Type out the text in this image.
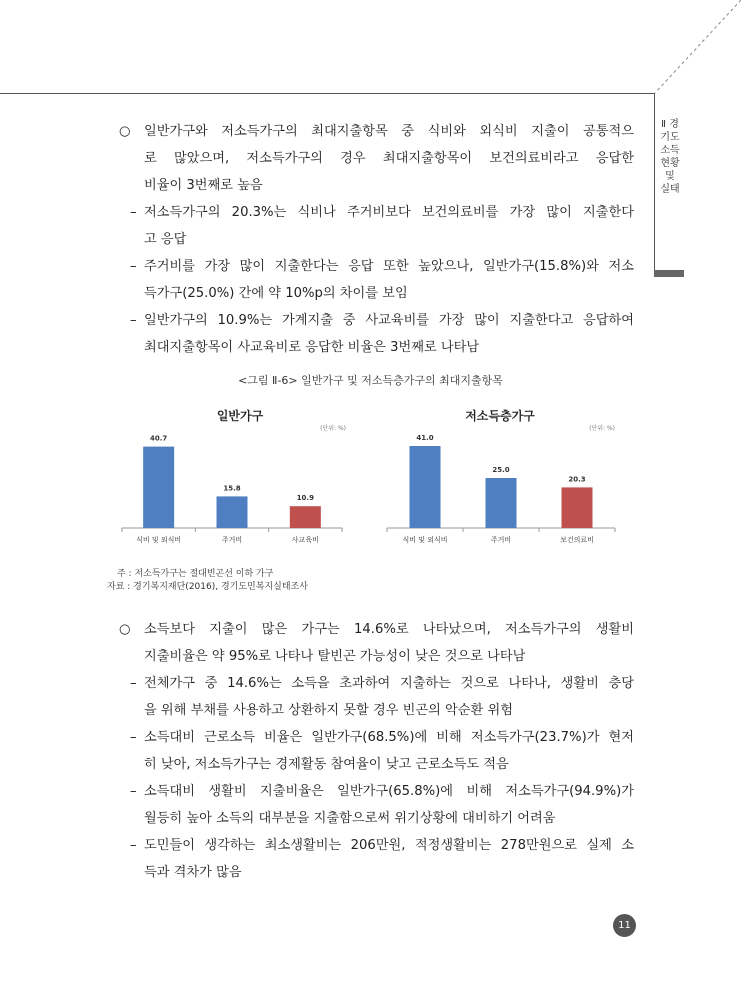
Ⅱ 경기도 소득 현황 및 실태
○	일반가구와 저소득가구의 최대지출항목 중 식비와 외식비 지출이 공통적으
로 많았으며, 저소득가구의 경우 최대지출항목이 보건의료비라고 응답한
비율이 3번째로 높음
– 저소득가구의 20.3%는 식비나 주거비보다 보건의료비를 가장 많이 지출한다
고 응답
– 주거비를 가장 많이 지출한다는 응답 또한 높았으나, 일반가구(15.8%)와 저소
득가구(25.0%) 간에 약 10%p의 차이를 보임
– 일반가구의 10.9%는 가계지출 중 사교육비를 가장 많이 지출한다고 응답하여
최대지출항목이 사교육비로 응답한 비율은 3번째로 나타남
<그림 Ⅱ-6> 일반가구 및 저소득층가구의 최대지출항목
일반가구
(단위: %)
40.7
식비 및 외식비
15.8
주거비
10.9
사교육비
저소득층가구
(단위: %)
41.0
식비 및 외식비
25.0
주거비
20.3
보건의료비
주 : 저소득가구는 절대빈곤선 이하 가구
자료 : 경기복지재단(2016), 경기도민복지실태조사
○	소득보다 지출이 많은 가구는 14.6%로 나타났으며, 저소득가구의 생활비
지출비율은 약 95%로 나타나 탈빈곤 가능성이 낮은 것으로 나타남
– 전체가구 중 14.6%는 소득을 초과하여 지출하는 것으로 나타나, 생활비 충당
을 위해 부채를 사용하고 상환하지 못할 경우 빈곤의 악순환 위험
– 소득대비 근로소득 비율은 일반가구(68.5%)에 비해 저소득가구(23.7%)가 현저
히 낮아, 저소득가구는 경제활동 참여율이 낮고 근로소득도 적음
– 소득대비 생활비 지출비율은 일반가구(65.8%)에 비해 저소득가구(94.9%)가
월등히 높아 소득의 대부분을 지출함으로써 위기상황에 대비하기 어려움
– 도민들이 생각하는 최소생활비는 206만원, 적정생활비는 278만원으로 실제 소
득과 격차가 많음
11
